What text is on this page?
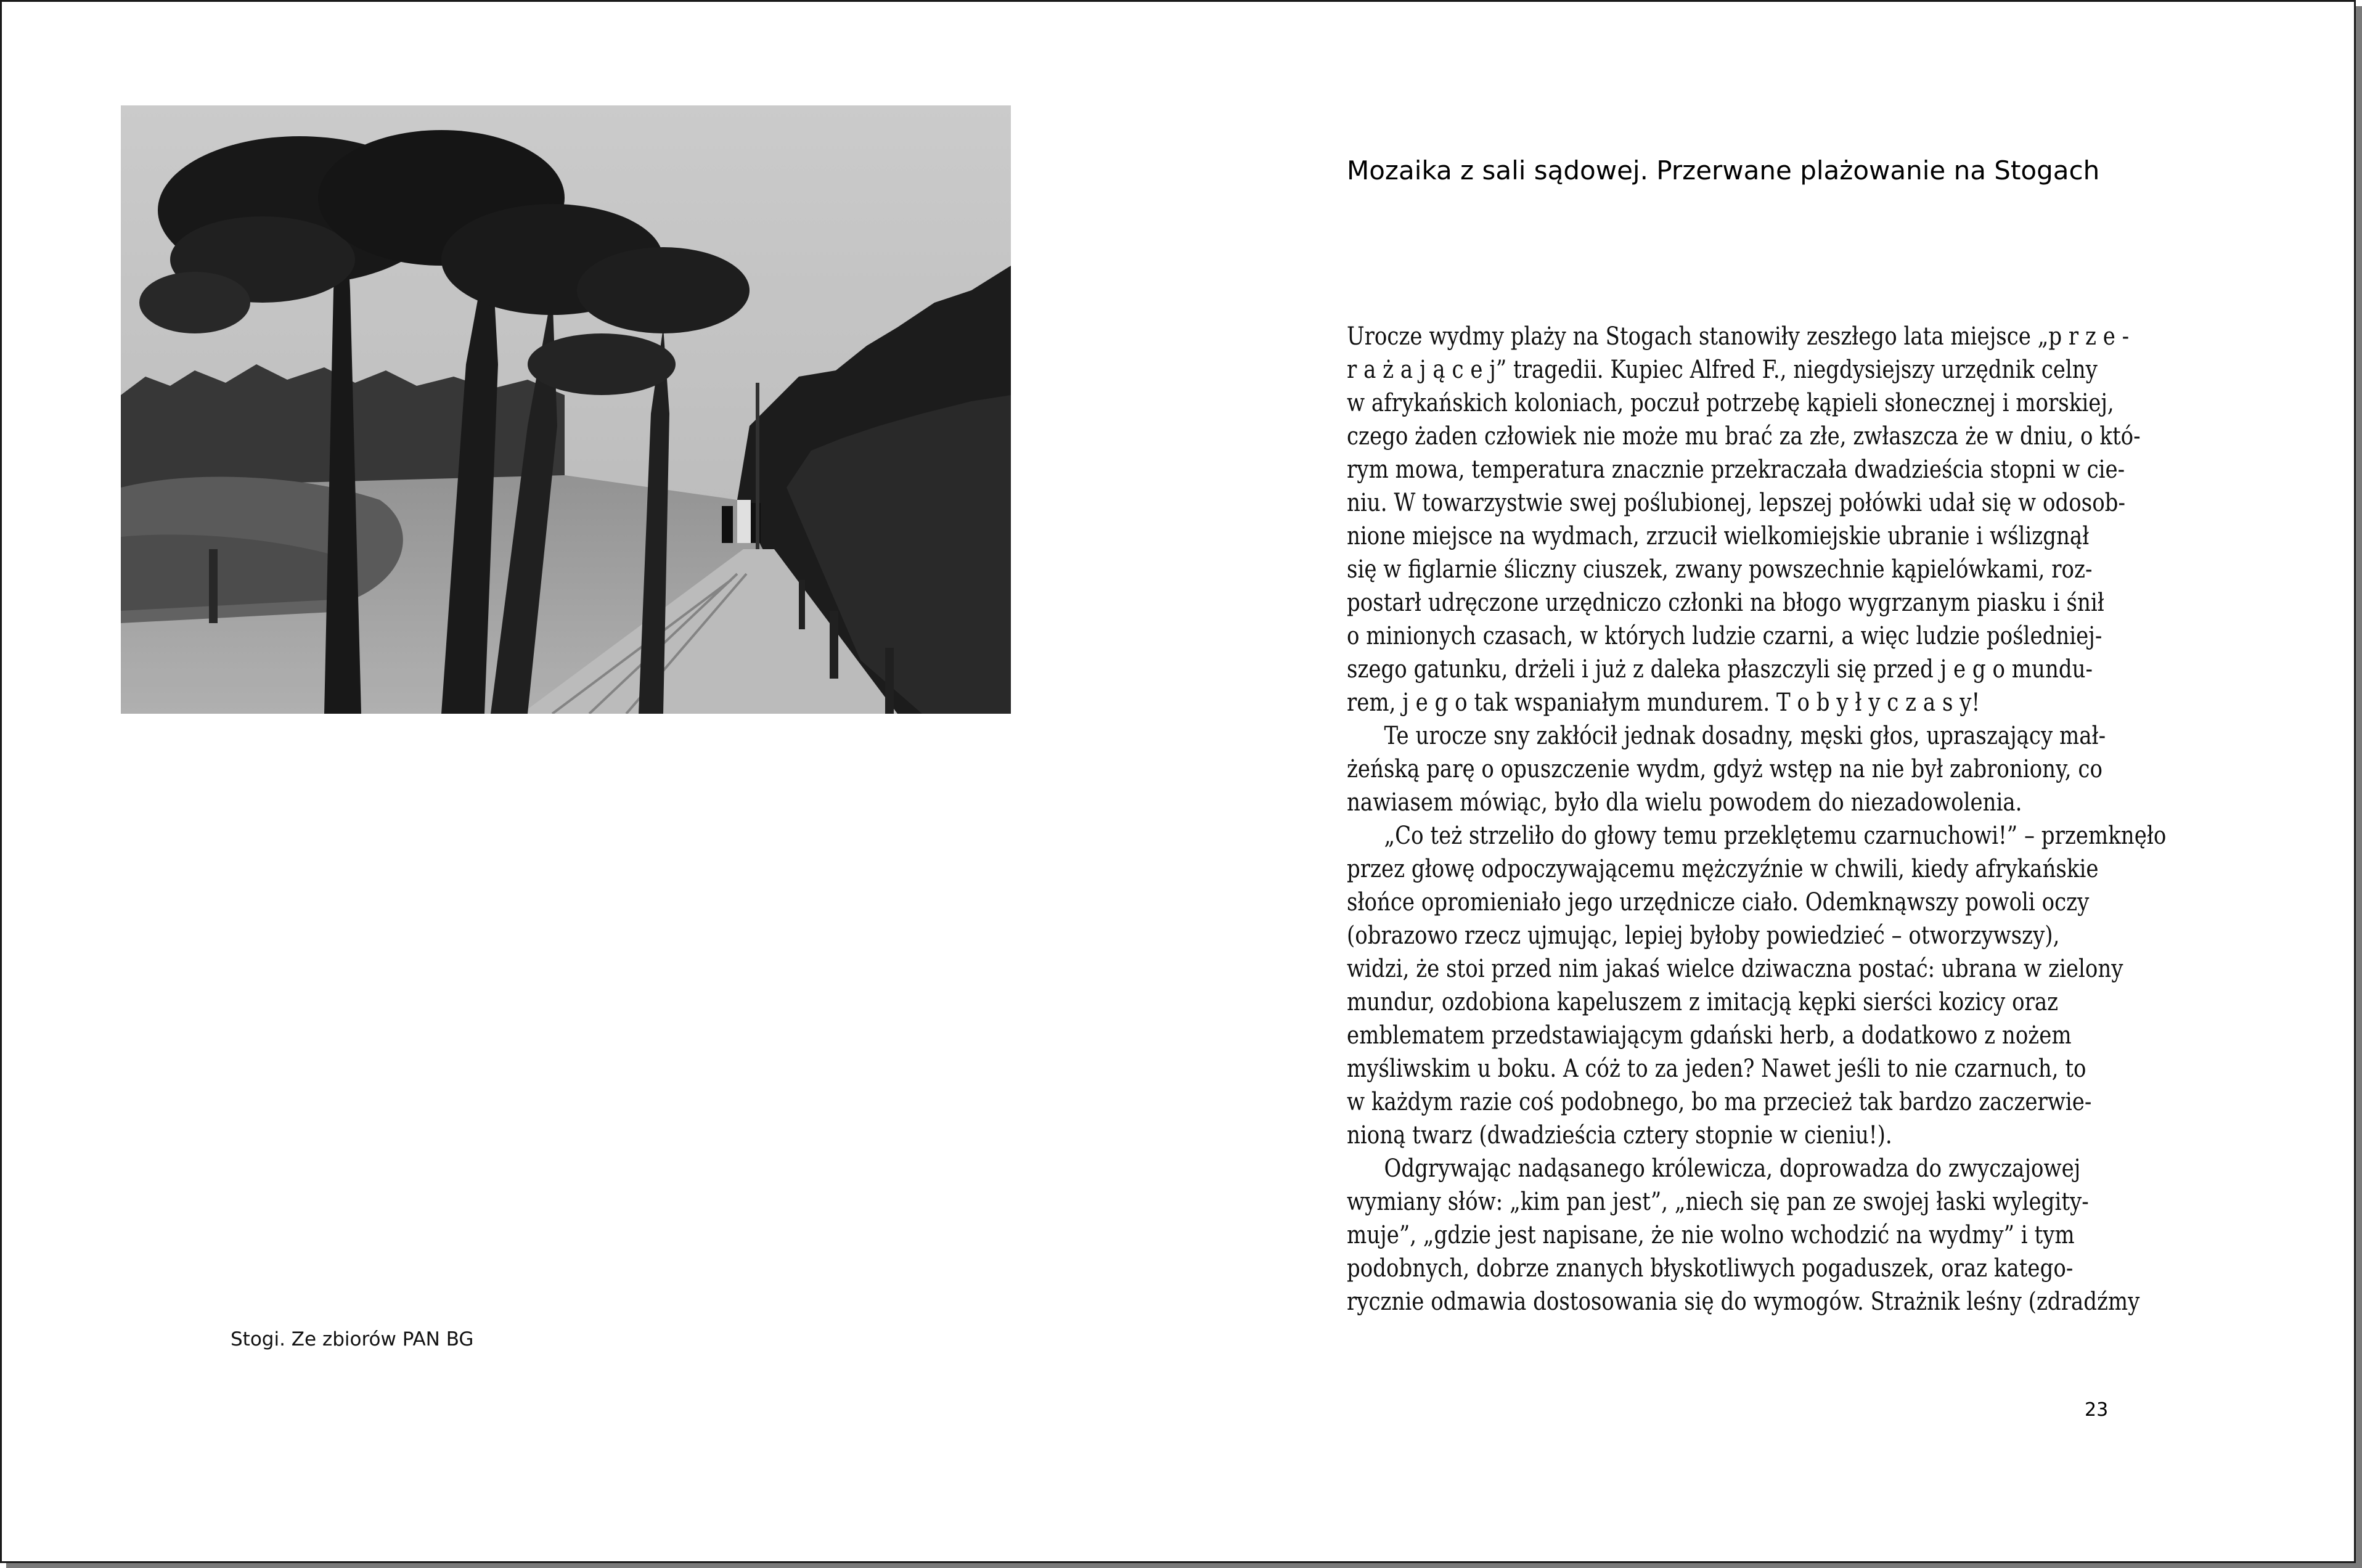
Stogi. Ze zbiorów PAN BG
Mozaika z sali sądowej. Przerwane plażowanie na Stogach
Urocze wydmy plaży na Stogach stanowiły zeszłego lata miejsce „p r z e -
r a ż a j ą c e j” tragedii. Kupiec Alfred F., niegdysiejszy urzędnik celny
w afrykańskich koloniach, poczuł potrzebę kąpieli słonecznej i morskiej,
czego żaden człowiek nie może mu brać za złe, zwłaszcza że w dniu, o któ-
rym mowa, temperatura znacznie przekraczała dwadzieścia stopni w cie-
niu. W towarzystwie swej poślubionej, lepszej połówki udał się w odosob-
nione miejsce na wydmach, zrzucił wielkomiejskie ubranie i wślizgnął
się w figlarnie śliczny ciuszek, zwany powszechnie kąpielówkami, roz-
postarł udręczone urzędniczo członki na błogo wygrzanym piasku i śnił
o minionych czasach, w których ludzie czarni, a więc ludzie pośledniej-
szego gatunku, drżeli i już z daleka płaszczyli się przed j e g o mundu-
rem, j e g o tak wspaniałym mundurem. T o b y ł y c z a s y!
Te urocze sny zakłócił jednak dosadny, męski głos, upraszający mał-
żeńską parę o opuszczenie wydm, gdyż wstęp na nie był zabroniony, co
nawiasem mówiąc, było dla wielu powodem do niezadowolenia.
„Co też strzeliło do głowy temu przeklętemu czarnuchowi!” – przemknęło
przez głowę odpoczywającemu mężczyźnie w chwili, kiedy afrykańskie
słońce opromieniało jego urzędnicze ciało. Odemknąwszy powoli oczy
(obrazowo rzecz ujmując, lepiej byłoby powiedzieć – otworzywszy),
widzi, że stoi przed nim jakaś wielce dziwaczna postać: ubrana w zielony
mundur, ozdobiona kapeluszem z imitacją kępki sierści kozicy oraz
emblematem przedstawiającym gdański herb, a dodatkowo z nożem
myśliwskim u boku. A cóż to za jeden? Nawet jeśli to nie czarnuch, to
w każdym razie coś podobnego, bo ma przecież tak bardzo zaczerwie-
nioną twarz (dwadzieścia cztery stopnie w cieniu!).
Odgrywając nadąsanego królewicza, doprowadza do zwyczajowej
wymiany słów: „kim pan jest”, „niech się pan ze swojej łaski wylegity-
muje”, „gdzie jest napisane, że nie wolno wchodzić na wydmy” i tym
podobnych, dobrze znanych błyskotliwych pogaduszek, oraz katego-
rycznie odmawia dostosowania się do wymogów. Strażnik leśny (zdradźmy
23
